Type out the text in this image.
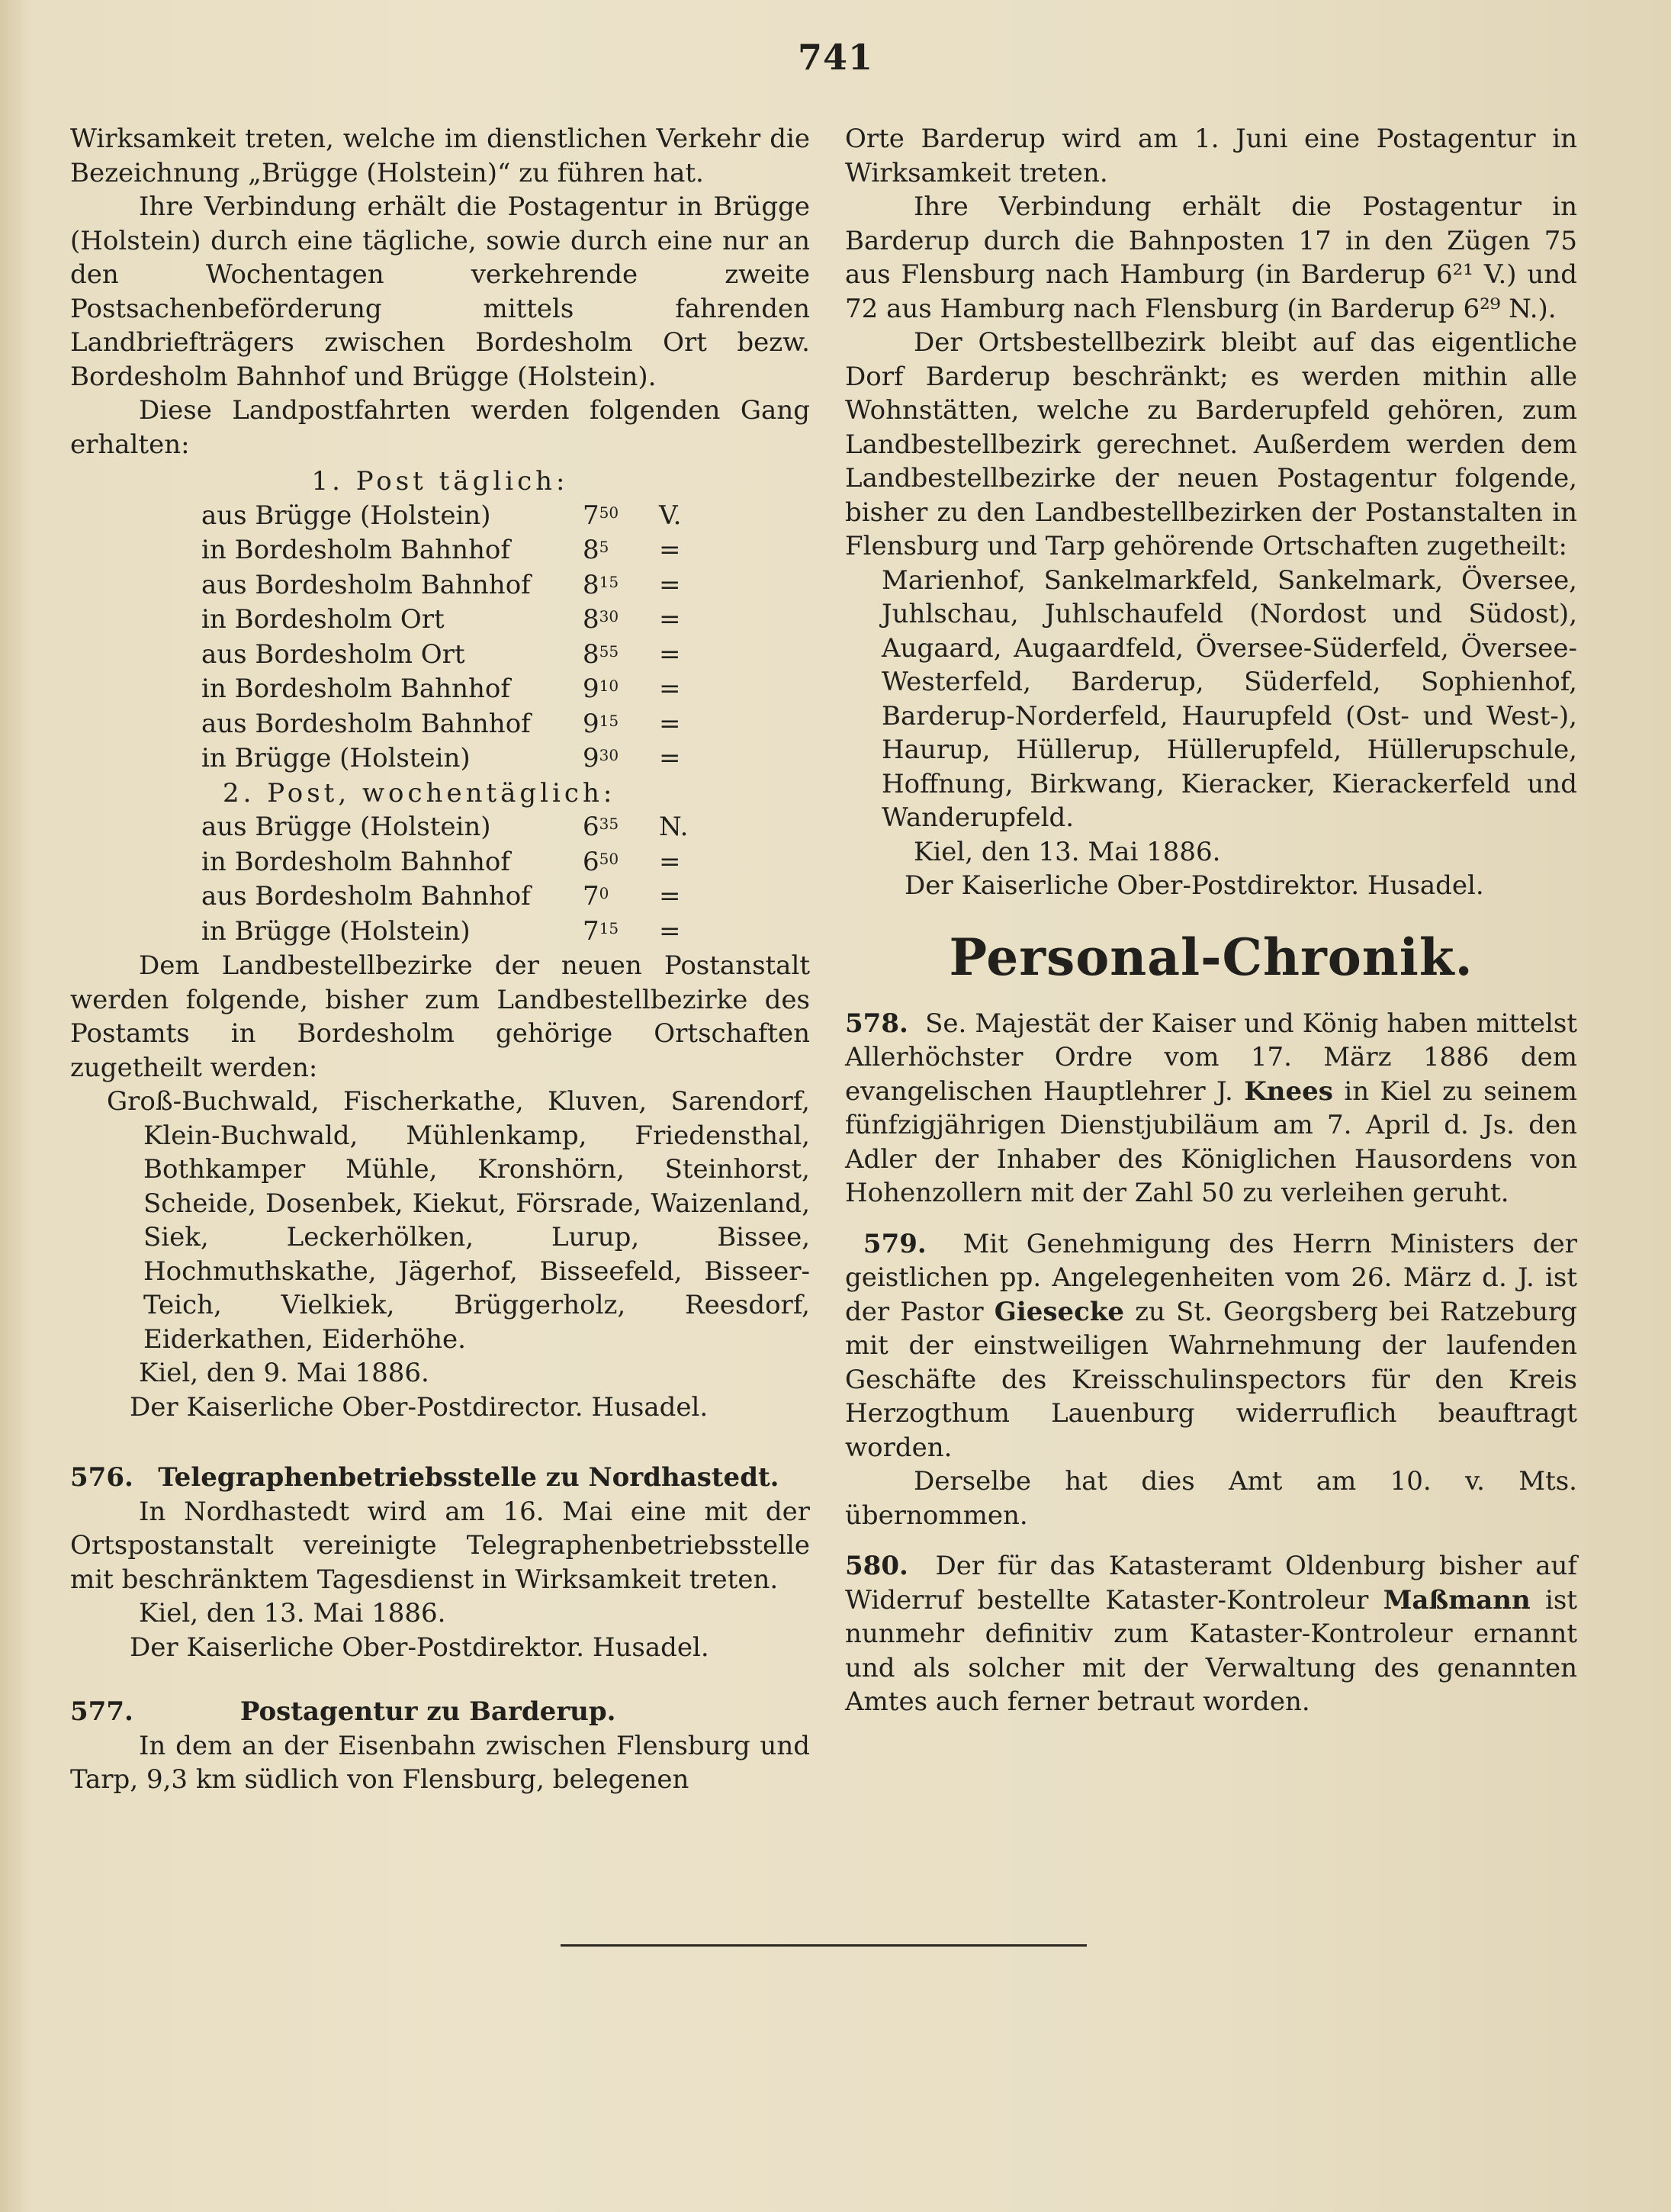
741

Wirksamkeit treten, welche im dienstlichen Verkehr die Bezeichnung „Brügge (Holstein)“ zu führen hat.

Ihre Verbindung erhält die Postagentur in Brügge (Holstein) durch eine tägliche, sowie durch eine nur an den Wochentagen verkehrende zweite Postsachenbeförderung mittels fahrenden Landbriefträgers zwischen Bordesholm Ort bezw. Bordesholm Bahnhof und Brügge (Holstein).

Diese Landpostfahrten werden folgenden Gang erhalten:

1. Post täglich:

aus Brügge (Holstein)	$7^{50}$	V.
in Bordesholm Bahnhof	$8^5$	=
aus Bordesholm Bahnhof	$8^{15}$	=
in Bordesholm Ort	$8^{30}$	=
aus Bordesholm Ort	$8^{55}$	=
in Bordesholm Bahnhof	$9^{10}$	=
aus Bordesholm Bahnhof	$9^{15}$	=
in Brügge (Holstein)	$9^{30}$	=

2. Post, wochentäglich:

aus Brügge (Holstein)	$6^{35}$	N.
in Bordesholm Bahnhof	$6^{50}$	=
aus Bordesholm Bahnhof	$7^0$	=
in Brügge (Holstein)	$7^{15}$	=

Dem Landbestellbezirke der neuen Postanstalt werden folgende, bisher zum Landbestellbezirke des Postamts in Bordesholm gehörige Ortschaften zugetheilt werden:

Groß-Buchwald, Fischerkathe, Kluven, Sarendorf, Klein-Buchwald, Mühlenkamp, Friedensthal, Bothkamper Mühle, Kronshörn, Steinhorst, Scheide, Dosenbek, Kiekut, Försrade, Waizenland, Siek, Leckerhölken, Lurup, Bissee, Hochmuthskathe, Jägerhof, Bisseefeld, Bisseer-Teich, Vielkiek, Brüggerholz, Reesdorf, Eiderkathen, Eiderhöhe.

Kiel, den 9. Mai 1886.

Der Kaiserliche Ober-Postdirector. Husadel.

576. Telegraphenbetriebsstelle zu Nordhastedt.

In Nordhastedt wird am 16. Mai eine mit der Ortspostanstalt vereinigte Telegraphenbetriebsstelle mit beschränktem Tagesdienst in Wirksamkeit treten.

Kiel, den 13. Mai 1886.

Der Kaiserliche Ober-Postdirektor. Husadel.

577.	Postagentur zu Barderup.

In dem an der Eisenbahn zwischen Flensburg und Tarp, 9,3 km südlich von Flensburg, belegenen

Orte Barderup wird am 1. Juni eine Postagentur in Wirksamkeit treten.

Ihre Verbindung erhält die Postagentur in Barderup durch die Bahnposten 17 in den Zügen 75 aus Flensburg nach Hamburg (in Barderup 6²¹ V.) und 72 aus Hamburg nach Flensburg (in Barderup 6²⁹ N.).

Der Ortsbestellbezirk bleibt auf das eigentliche Dorf Barderup beschränkt; es werden mithin alle Wohnstätten, welche zu Barderupfeld gehören, zum Landbestellbezirk gerechnet. Außerdem werden dem Landbestellbezirke der neuen Postagentur folgende, bisher zu den Landbestellbezirken der Postanstalten in Flensburg und Tarp gehörende Ortschaften zugetheilt:

Marienhof, Sankelmarkfeld, Sankelmark, Översee, Juhlschau, Juhlschaufeld (Nordost und Südost), Augaard, Augaardfeld, Översee-Süderfeld, Översee-Westerfeld, Barderup, Süderfeld, Sophienhof, Barderup-Norderfeld, Haurupfeld (Ost- und West-), Haurup, Hüllerup, Hüllerupfeld, Hüllerupschule, Hoffnung, Birkwang, Kieracker, Kierackerfeld und Wanderupfeld.

Kiel, den 13. Mai 1886.

Der Kaiserliche Ober-Postdirektor. Husadel.

Personal-Chronik.

578. Se. Majestät der Kaiser und König haben mittelst Allerhöchster Ordre vom 17. März 1886 dem evangelischen Hauptlehrer J. Knees in Kiel zu seinem fünfzigjährigen Dienstjubiläum am 7. April d. Js. den Adler der Inhaber des Königlichen Hausordens von Hohenzollern mit der Zahl 50 zu verleihen geruht.

579. Mit Genehmigung des Herrn Ministers der geistlichen pp. Angelegenheiten vom 26. März d. J. ist der Pastor Giesecke zu St. Georgsberg bei Ratzeburg mit der einstweiligen Wahrnehmung der laufenden Geschäfte des Kreisschulinspectors für den Kreis Herzogthum Lauenburg widerruflich beauftragt worden.

Derselbe hat dies Amt am 10. v. Mts. übernommen.

580. Der für das Katasteramt Oldenburg bisher auf Widerruf bestellte Kataster-Kontroleur Maßmann ist nunmehr definitiv zum Kataster-Kontroleur ernannt und als solcher mit der Verwaltung des genannten Amtes auch ferner betraut worden.
